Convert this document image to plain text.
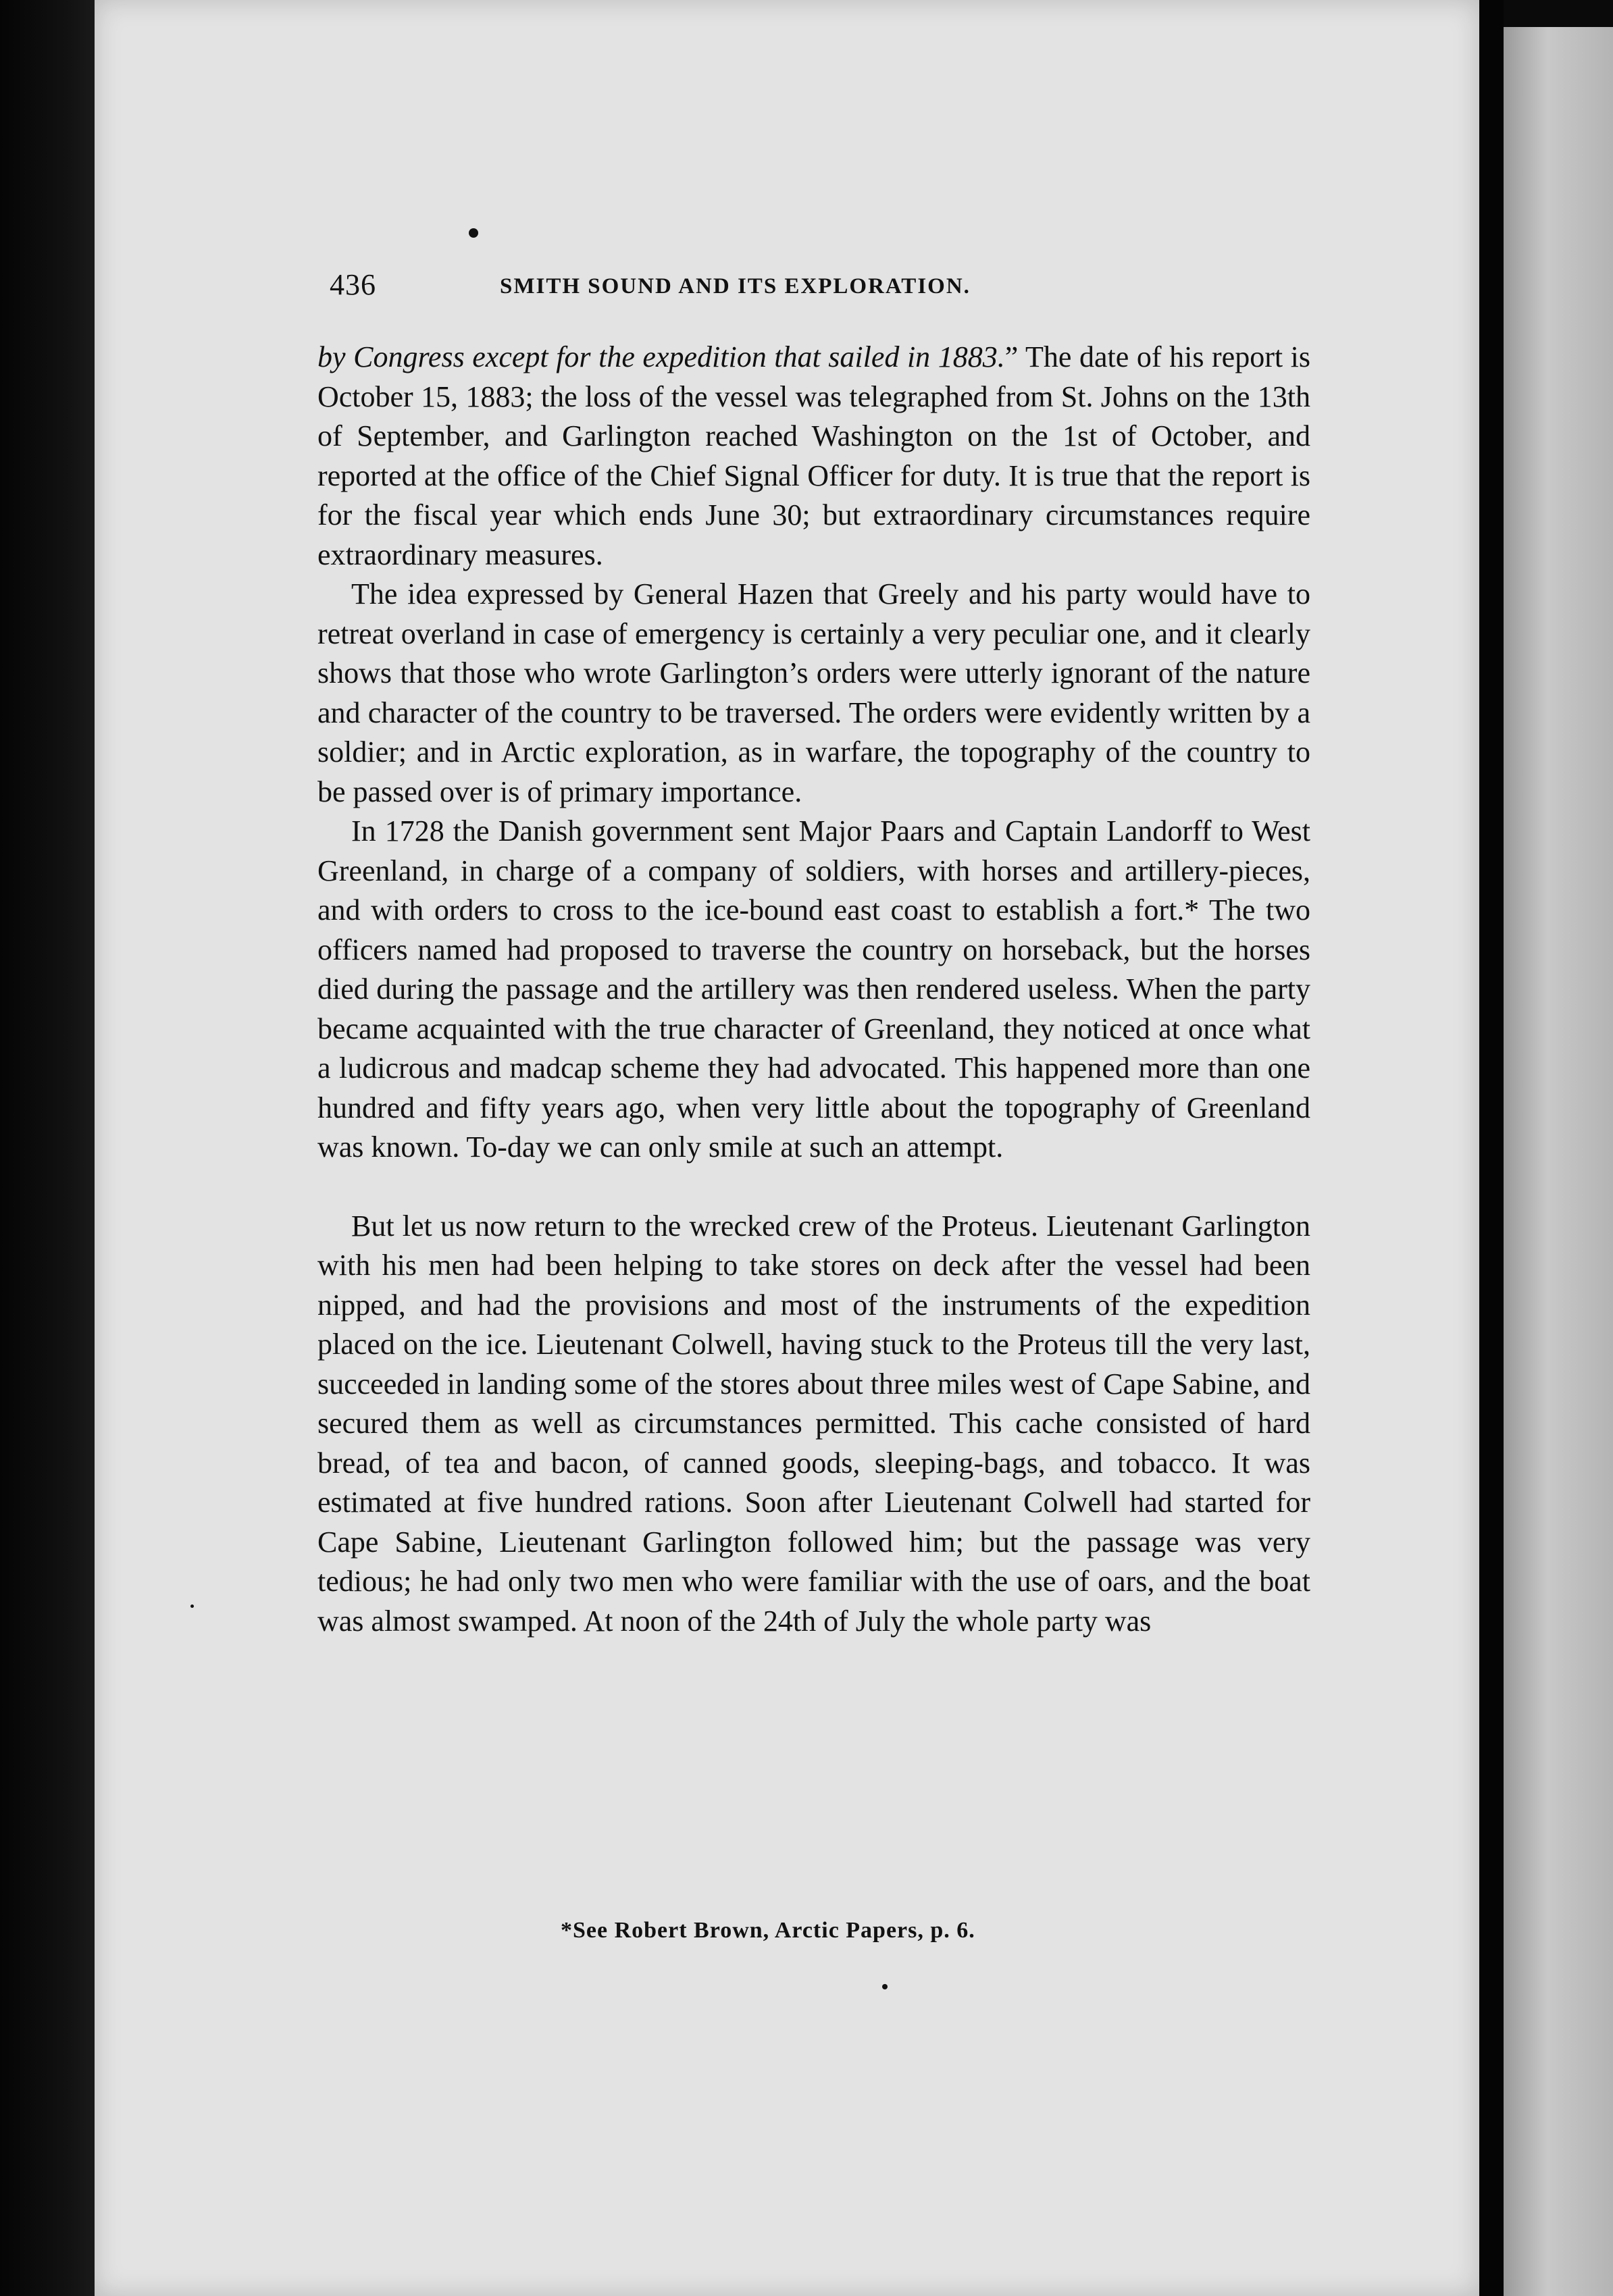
436	SMITH SOUND AND ITS EXPLORATION.

by Congress except for the expedition that sailed in 1883.” The date of his report is October 15, 1883; the loss of the vessel was telegraphed from St. Johns on the 13th of September, and Garlington reached Washington on the 1st of October, and reported at the office of the Chief Signal Officer for duty. It is true that the report is for the fiscal year which ends June 30; but extraordinary circumstances require extraordinary measures.

The idea expressed by General Hazen that Greely and his party would have to retreat overland in case of emergency is certainly a very peculiar one, and it clearly shows that those who wrote Garlington’s orders were utterly ignorant of the nature and character of the country to be traversed. The orders were evidently written by a soldier; and in Arctic exploration, as in warfare, the topography of the country to be passed over is of primary importance.

In 1728 the Danish government sent Major Paars and Captain Landorff to West Greenland, in charge of a company of soldiers, with horses and artillery-pieces, and with orders to cross to the ice-bound east coast to establish a fort.* The two officers named had proposed to traverse the country on horseback, but the horses died during the passage and the artillery was then rendered useless. When the party became acquainted with the true character of Greenland, they noticed at once what a ludicrous and madcap scheme they had advocated. This happened more than one hundred and fifty years ago, when very little about the topography of Greenland was known. To-day we can only smile at such an attempt.

But let us now return to the wrecked crew of the Proteus. Lieutenant Garlington with his men had been helping to take stores on deck after the vessel had been nipped, and had the provisions and most of the instruments of the expedition placed on the ice. Lieutenant Colwell, having stuck to the Proteus till the very last, succeeded in landing some of the stores about three miles west of Cape Sabine, and secured them as well as circumstances permitted. This cache consisted of hard bread, of tea and bacon, of canned goods, sleeping-bags, and tobacco. It was estimated at five hundred rations. Soon after Lieutenant Colwell had started for Cape Sabine, Lieutenant Garlington followed him; but the passage was very tedious; he had only two men who were familiar with the use of oars, and the boat was almost swamped. At noon of the 24th of July the whole party was

*See Robert Brown, Arctic Papers, p. 6.
